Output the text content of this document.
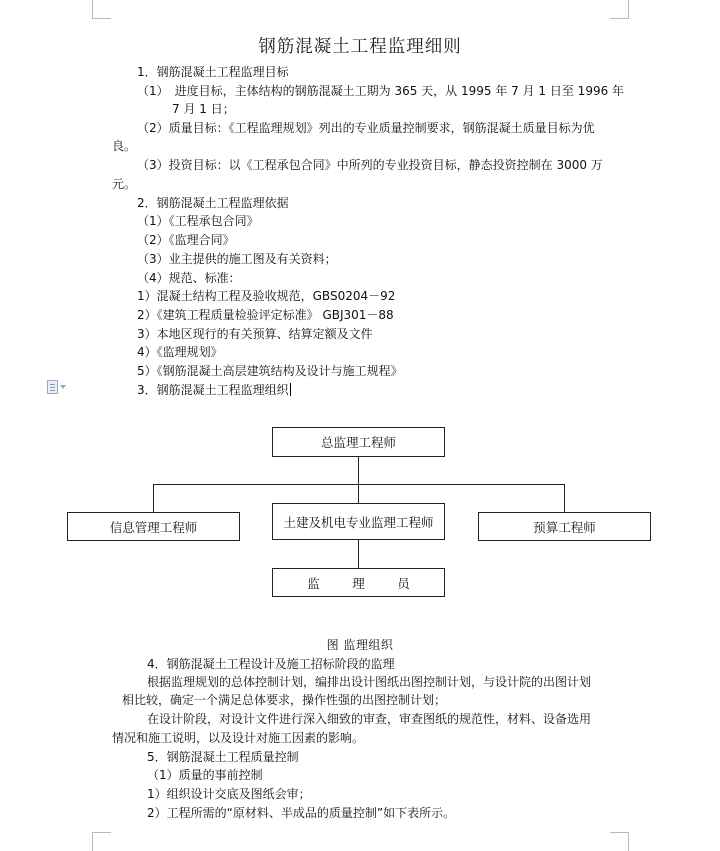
钢筋混凝土工程监理细则
1．钢筋混凝土工程监理目标
（1）　进度目标，主体结构的钢筋混凝土工期为 365 天，从 1995 年 7 月 1 日至 1996 年
7 月 1 日；
（2）质量目标：《工程监理规划》列出的专业质量控制要求，钢筋混凝土质量目标为优
良。
（3）投资目标：以《工程承包合同》中所列的专业投资目标，静态投资控制在 3000 万
元。
2．钢筋混凝土工程监理依据
（1）《工程承包合同》
（2）《监理合同》
（3）业主提供的施工图及有关资料；
（4）规范、标准：
1）混凝土结构工程及验收规范，GBS0204－92
2）《建筑工程质量检验评定标准》 GBJ301－88
3）本地区现行的有关预算、结算定额及文件
4）《监理规划》
5）《钢筋混凝土高层建筑结构及设计与施工规程》
3．钢筋混凝土工程监理组织
总监理工程师
信息管理工程师	土建及机电专业监理工程师	预算工程师
监　理　员
图 监理组织
4．钢筋混凝土工程设计及施工招标阶段的监理
根据监理规划的总体控制计划，编排出设计图纸出图控制计划，与设计院的出图计划
相比较，确定一个满足总体要求，操作性强的出图控制计划；
在设计阶段，对设计文件进行深入细致的审查，审查图纸的规范性，材料、设备选用
情况和施工说明，以及设计对施工因素的影响。
5．钢筋混凝土工程质量控制
（1）质量的事前控制
1）组织设计交底及图纸会审；
2）工程所需的“原材料、半成品的质量控制”如下表所示。
